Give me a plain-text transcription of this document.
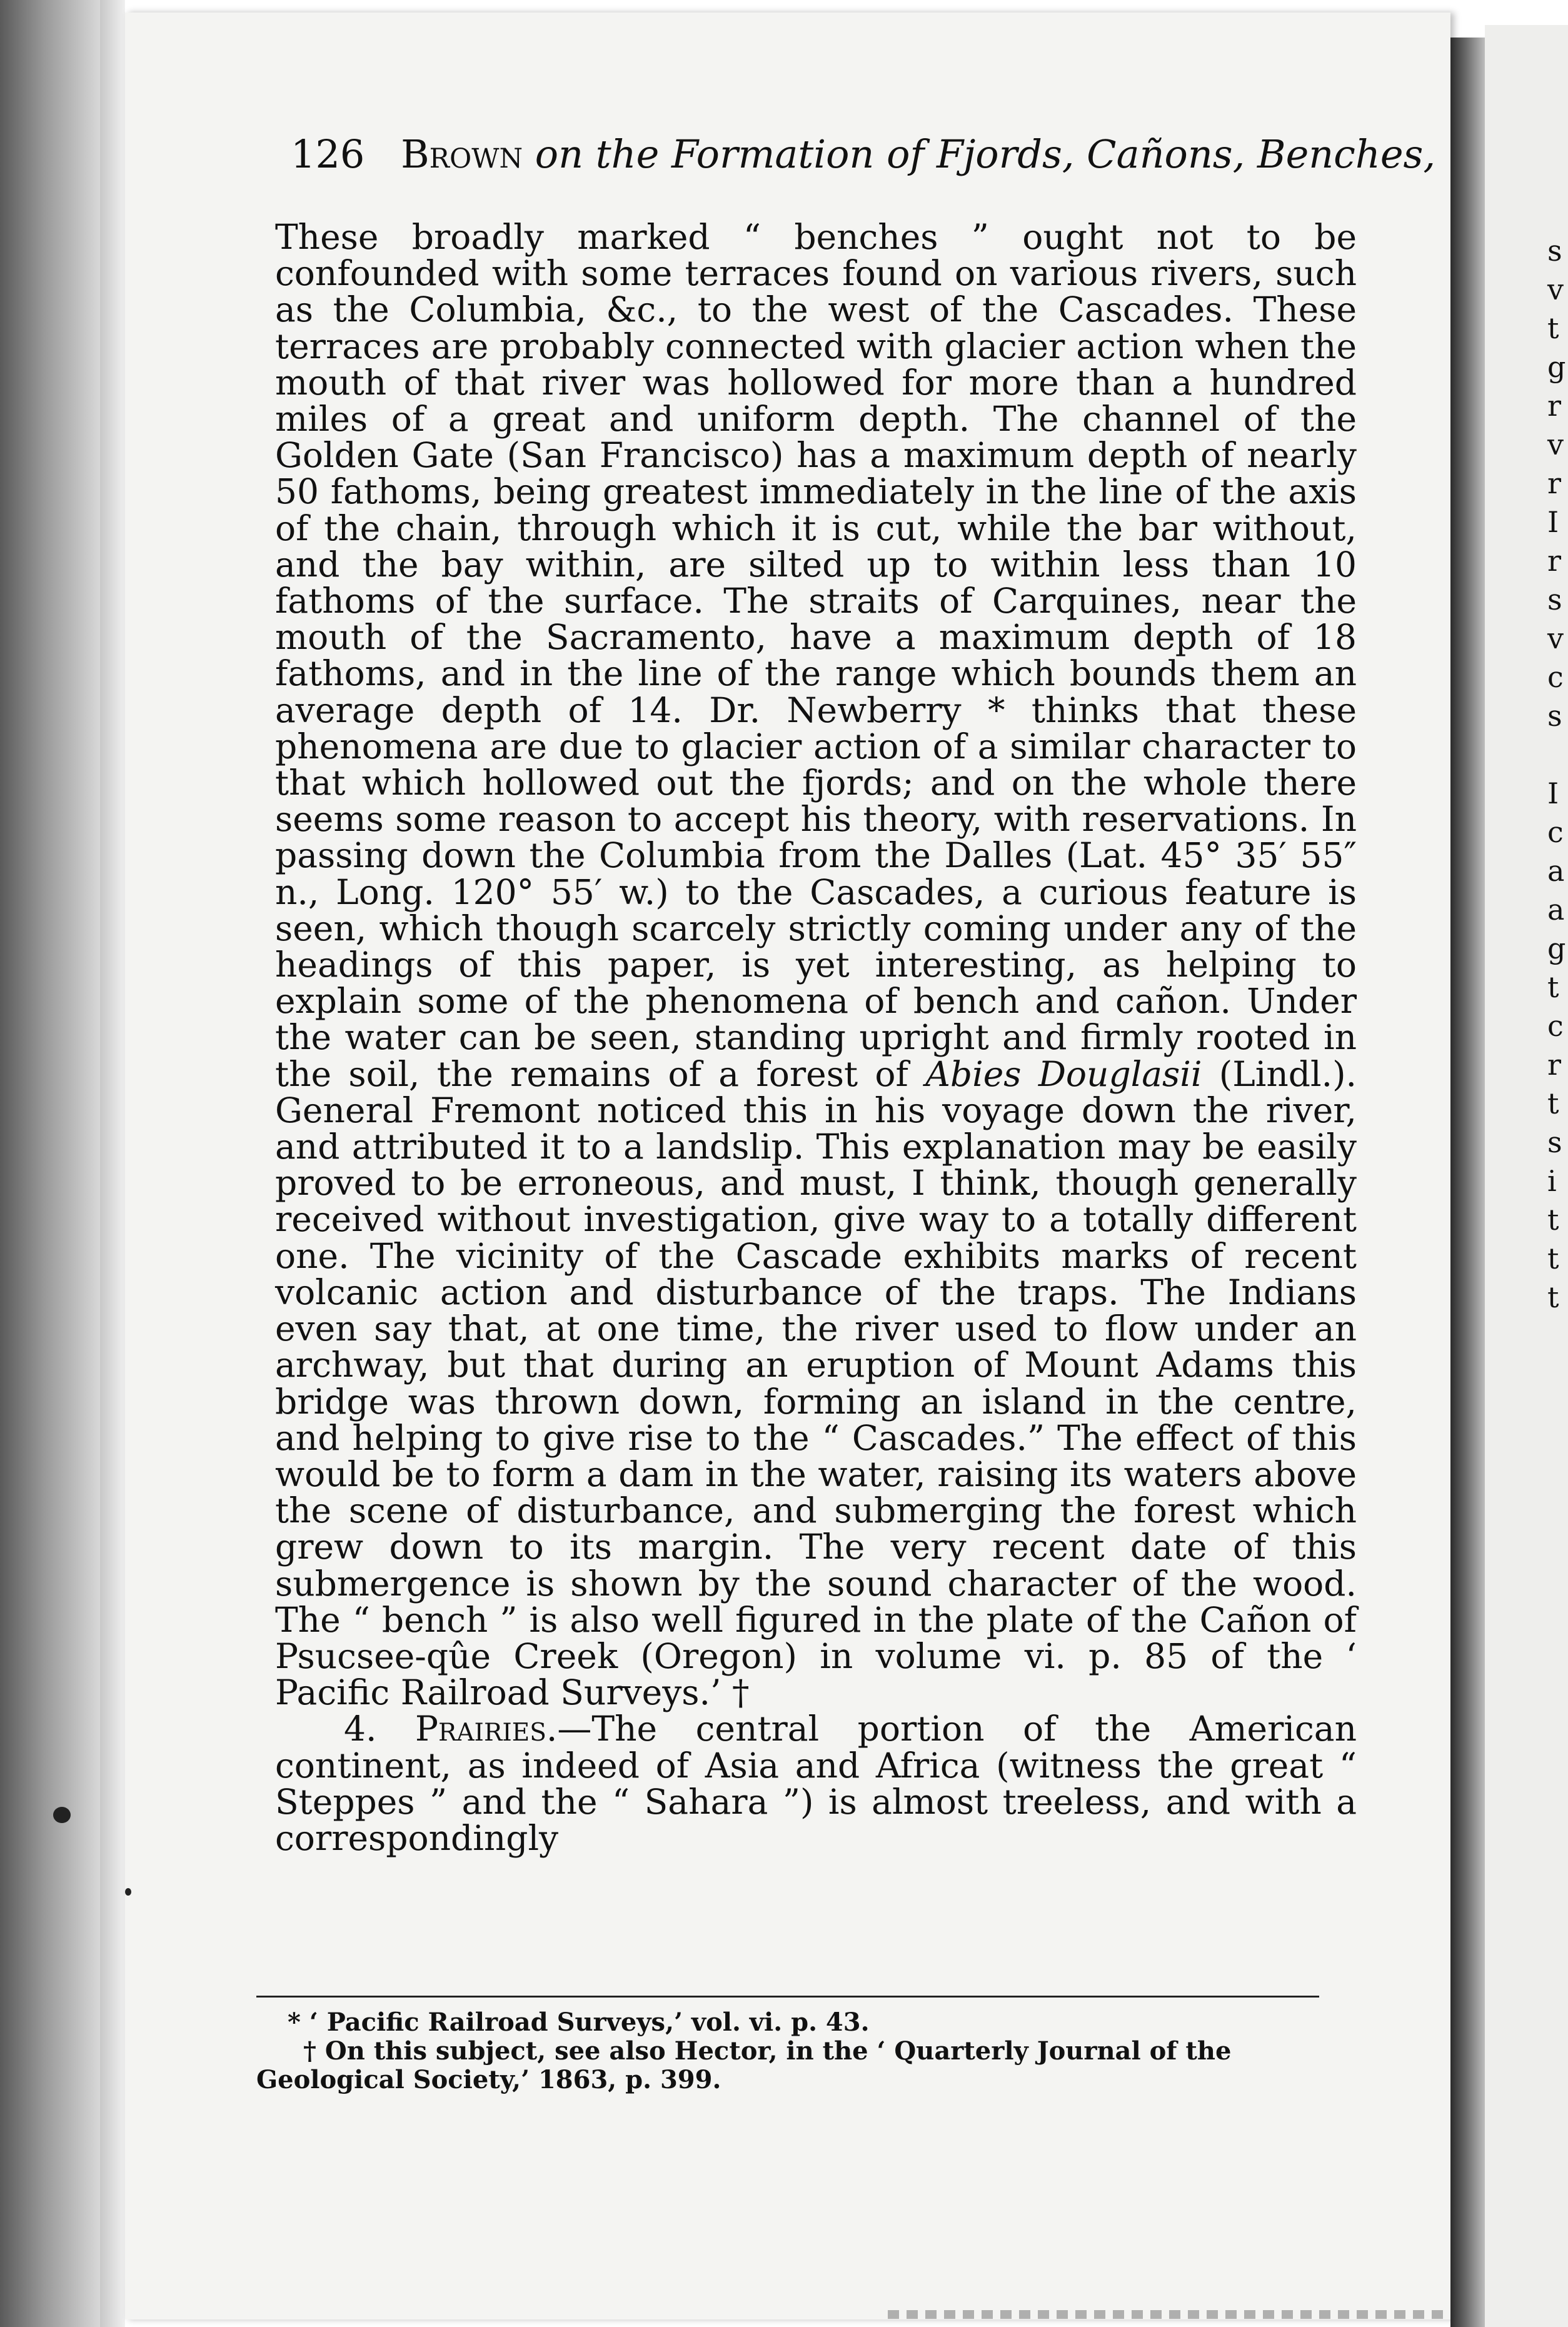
s
v
t
g
r
v
r
I
r
s
v
c
s
I
c
a
a
g
t
c
r
t
s
i
t
t
t
126 Brown on the Formation of Fjords, Cañons, Benches,

These broadly marked “ benches ” ought not to be confounded with some terraces found on various rivers, such as the Columbia, &c., to the west of the Cascades. These terraces are probably connected with glacier action when the mouth of that river was hollowed for more than a hundred miles of a great and uniform depth. The channel of the Golden Gate (San Francisco) has a maximum depth of nearly 50 fathoms, being greatest immediately in the line of the axis of the chain, through which it is cut, while the bar without, and the bay within, are silted up to within less than 10 fathoms of the surface. The straits of Carquines, near the mouth of the Sacramento, have a maximum depth of 18 fathoms, and in the line of the range which bounds them an average depth of 14. Dr. Newberry * thinks that these phenomena are due to glacier action of a similar character to that which hollowed out the fjords; and on the whole there seems some reason to accept his theory, with reservations. In passing down the Columbia from the Dalles (Lat. 45° 35′ 55″ n., Long. 120° 55′ w.) to the Cascades, a curious feature is seen, which though scarcely strictly coming under any of the headings of this paper, is yet interesting, as helping to explain some of the phenomena of bench and cañon. Under the water can be seen, standing upright and firmly rooted in the soil, the remains of a forest of Abies Douglasii (Lindl.). General Fremont noticed this in his voyage down the river, and attributed it to a landslip. This explanation may be easily proved to be erroneous, and must, I think, though generally received without investigation, give way to a totally different one. The vicinity of the Cascade exhibits marks of recent volcanic action and disturbance of the traps. The Indians even say that, at one time, the river used to flow under an archway, but that during an eruption of Mount Adams this bridge was thrown down, forming an island in the centre, and helping to give rise to the “ Cascades.” The effect of this would be to form a dam in the water, raising its waters above the scene of disturbance, and submerging the forest which grew down to its margin. The very recent date of this submergence is shown by the sound character of the wood. The “ bench ” is also well figured in the plate of the Cañon of Psucsee-qûe Creek (Oregon) in volume vi. p. 85 of the ‘ Pacific Railroad Surveys.’ †

4. Prairies.—The central portion of the American continent, as indeed of Asia and Africa (witness the great “ Steppes ” and the “ Sahara ”) is almost treeless, and with a correspondingly

* ‘ Pacific Railroad Surveys,’ vol. vi. p. 43.

† On this subject, see also Hector, in the ‘ Quarterly Journal of the Geological Society,’ 1863, p. 399.
